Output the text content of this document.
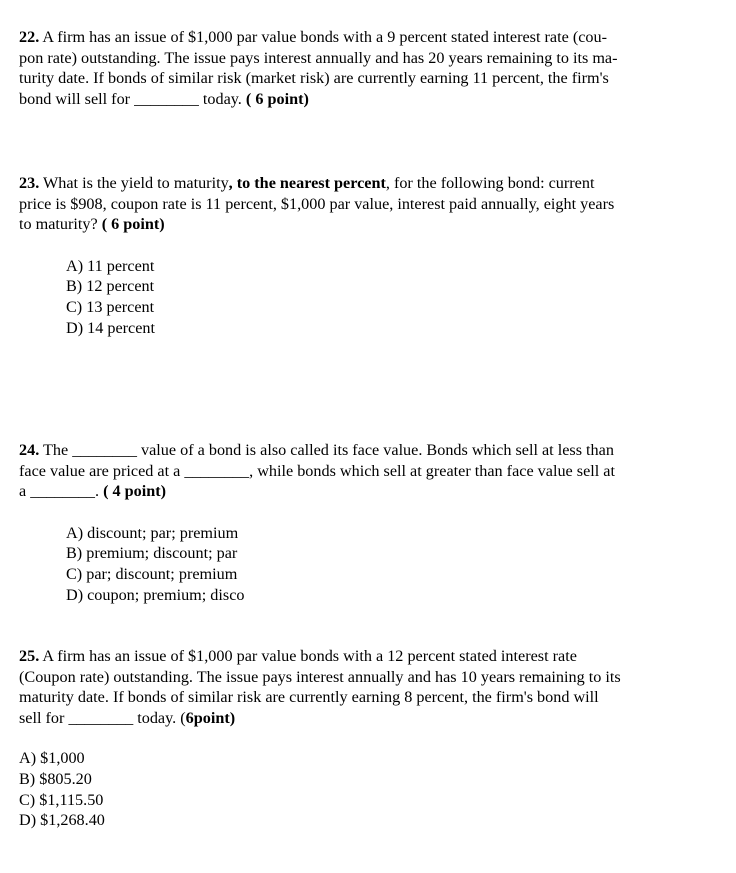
22. A firm has an issue of $1,000 par value bonds with a 9 percent stated interest rate (cou-
pon rate) outstanding. The issue pays interest annually and has 20 years remaining to its ma-
turity date. If bonds of similar risk (market risk) are currently earning 11 percent, the firm's
bond will sell for ________ today. ( 6 point)

23. What is the yield to maturity, to the nearest percent, for the following bond: current
price is $908, coupon rate is 11 percent, $1,000 par value, interest paid annually, eight years
to maturity? ( 6 point)

A) 11 percent
B) 12 percent
C) 13 percent
D) 14 percent

24. The ________ value of a bond is also called its face value. Bonds which sell at less than
face value are priced at a ________, while bonds which sell at greater than face value sell at
a ________. ( 4 point)

A) discount; par; premium
B) premium; discount; par
C) par; discount; premium
D) coupon; premium; disco

25. A firm has an issue of $1,000 par value bonds with a 12 percent stated interest rate
(Coupon rate) outstanding. The issue pays interest annually and has 10 years remaining to its
maturity date. If bonds of similar risk are currently earning 8 percent, the firm's bond will
sell for ________ today. (6point)

A) $1,000
B) $805.20
C) $1,115.50
D) $1,268.40
